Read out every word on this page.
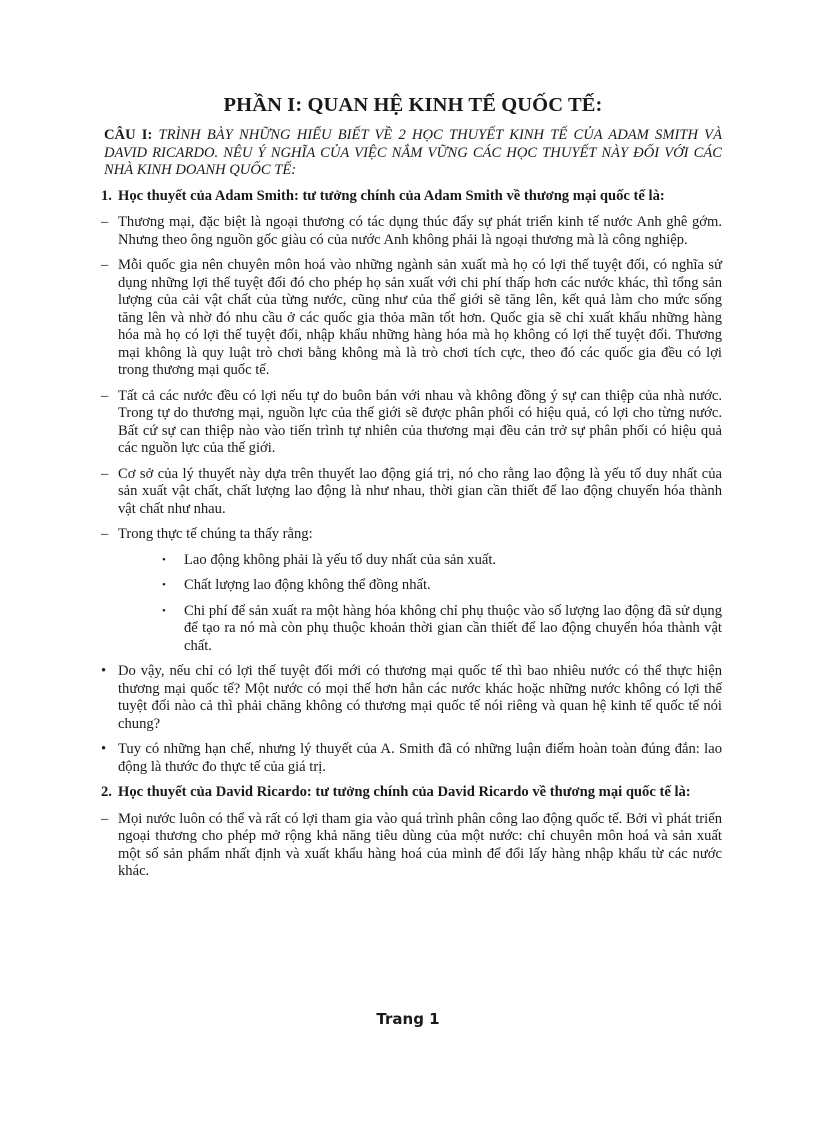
PHẦN I: QUAN HỆ KINH TẾ QUỐC TẾ:

CÂU I: TRÌNH BÀY NHỮNG HIỂU BIẾT VỀ 2 HỌC THUYẾT KINH TẾ CỦA ADAM SMITH VÀ DAVID RICARDO. NÊU Ý NGHĨA CỦA VIỆC NẮM VỮNG CÁC HỌC THUYẾT NÀY ĐỐI VỚI CÁC NHÀ KINH DOANH QUỐC TẾ:

1. Học thuyết của Adam Smith: tư tưởng chính của Adam Smith về thương mại quốc tế là:
– Thương mại, đặc biệt là ngoại thương có tác dụng thúc đẩy sự phát triển kinh tế nước Anh ghê gớm. Nhưng theo ông nguồn gốc giàu có của nước Anh không phải là ngoại thương mà là công nghiệp.
– Mỗi quốc gia nên chuyên môn hoá vào những ngành sản xuất mà họ có lợi thế tuyệt đối, có nghĩa sử dụng những lợi thế tuyệt đối đó cho phép họ sản xuất với chi phí thấp hơn các nước khác, thì tổng sản lượng của cải vật chất của từng nước, cũng như của thế giới sẽ tăng lên, kết quả làm cho mức sống tăng lên và nhờ đó nhu cầu ở các quốc gia thỏa mãn tốt hơn. Quốc gia sẽ chỉ xuất khẩu những hàng hóa mà họ có lợi thế tuyệt đối, nhập khẩu những hàng hóa mà họ không có lợi thế tuyệt đối. Thương mại không là quy luật trò chơi bằng không mà là trò chơi tích cực, theo đó các quốc gia đều có lợi trong thương mại quốc tế.
– Tất cả các nước đều có lợi nếu tự do buôn bán với nhau và không đồng ý sự can thiệp của nhà nước. Trong tự do thương mại, nguồn lực của thế giới sẽ được phân phối có hiệu quả, có lợi cho từng nước. Bất cứ sự can thiệp nào vào tiến trình tự nhiên của thương mại đều cản trở sự phân phối có hiệu quả các nguồn lực của thế giới.
– Cơ sở của lý thuyết này dựa trên thuyết lao động giá trị, nó cho rằng lao động là yếu tố duy nhất của sản xuất vật chất, chất lượng lao động là như nhau, thời gian cần thiết để lao động chuyển hóa thành vật chất như nhau.
– Trong thực tế chúng ta thấy rằng:
• Lao động không phải là yếu tố duy nhất của sản xuất.
• Chất lượng lao động không thể đồng nhất.
• Chi phí để sản xuất ra một hàng hóa không chỉ phụ thuộc vào số lượng lao động đã sử dụng để tạo ra nó mà còn phụ thuộc khoản thời gian cần thiết để lao động chuyển hóa thành vật chất.
• Do vậy, nếu chỉ có lợi thế tuyệt đối mới có thương mại quốc tế thì bao nhiêu nước có thể thực hiện thương mại quốc tế? Một nước có mọi thế hơn hẳn các nước khác hoặc những nước không có lợi thế tuyệt đối nào cả thì phải chăng không có thương mại quốc tế nói riêng và quan hệ kinh tế quốc tế nói chung?
• Tuy có những hạn chế, nhưng lý thuyết của A. Smith đã có những luận điểm hoàn toàn đúng đắn: lao động là thước đo thực tế của giá trị.
2. Học thuyết của David Ricardo: tư tưởng chính của David Ricardo về thương mại quốc tế là:
– Mọi nước luôn có thể và rất có lợi tham gia vào quá trình phân công lao động quốc tế. Bởi vì phát triển ngoại thương cho phép mở rộng khả năng tiêu dùng của một nước: chỉ chuyên môn hoá và sản xuất một số sản phẩm nhất định và xuất khẩu hàng hoá của mình để đổi lấy hàng nhập khẩu từ các nước khác.
Trang 1
